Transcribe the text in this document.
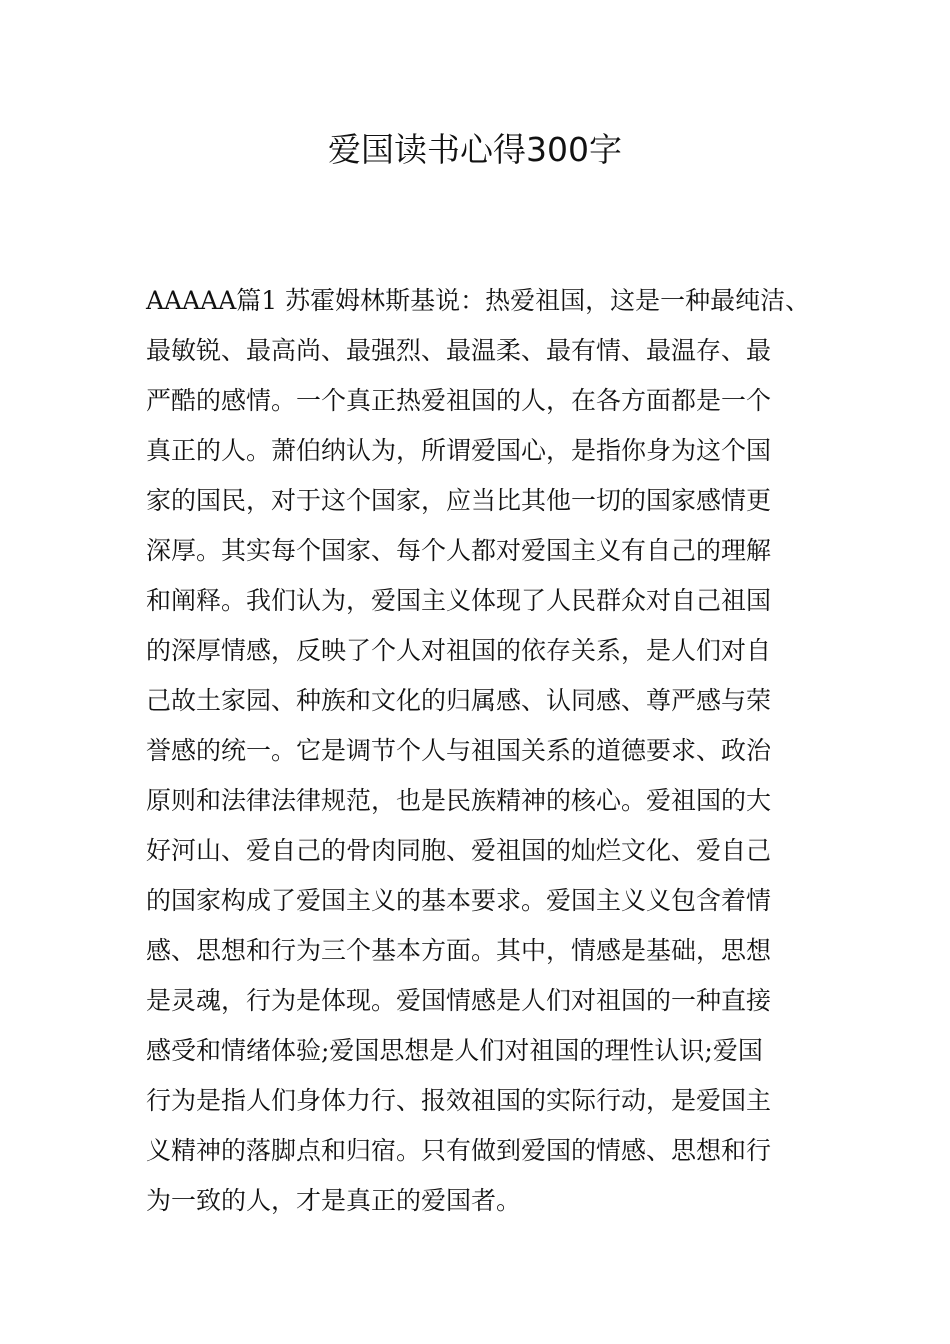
爱国读书心得300字
AAAAA篇1 苏霍姆林斯基说：热爱祖国，这是一种最纯洁、
最敏锐、最高尚、最强烈、最温柔、最有情、最温存、最
严酷的感情。一个真正热爱祖国的人，在各方面都是一个
真正的人。萧伯纳认为，所谓爱国心，是指你身为这个国
家的国民，对于这个国家，应当比其他一切的国家感情更
深厚。其实每个国家、每个人都对爱国主义有自己的理解
和阐释。我们认为，爱国主义体现了人民群众对自己祖国
的深厚情感，反映了个人对祖国的依存关系，是人们对自
己故土家园、种族和文化的归属感、认同感、尊严感与荣
誉感的统一。它是调节个人与祖国关系的道德要求、政治
原则和法律法律规范，也是民族精神的核心。爱祖国的大
好河山、爱自己的骨肉同胞、爱祖国的灿烂文化、爱自己
的国家构成了爱国主义的基本要求。爱国主义义包含着情
感、思想和行为三个基本方面。其中，情感是基础，思想
是灵魂，行为是体现。爱国情感是人们对祖国的一种直接
感受和情绪体验;爱国思想是人们对祖国的理性认识;爱国
行为是指人们身体力行、报效祖国的实际行动，是爱国主
义精神的落脚点和归宿。只有做到爱国的情感、思想和行
为一致的人，才是真正的爱国者。
